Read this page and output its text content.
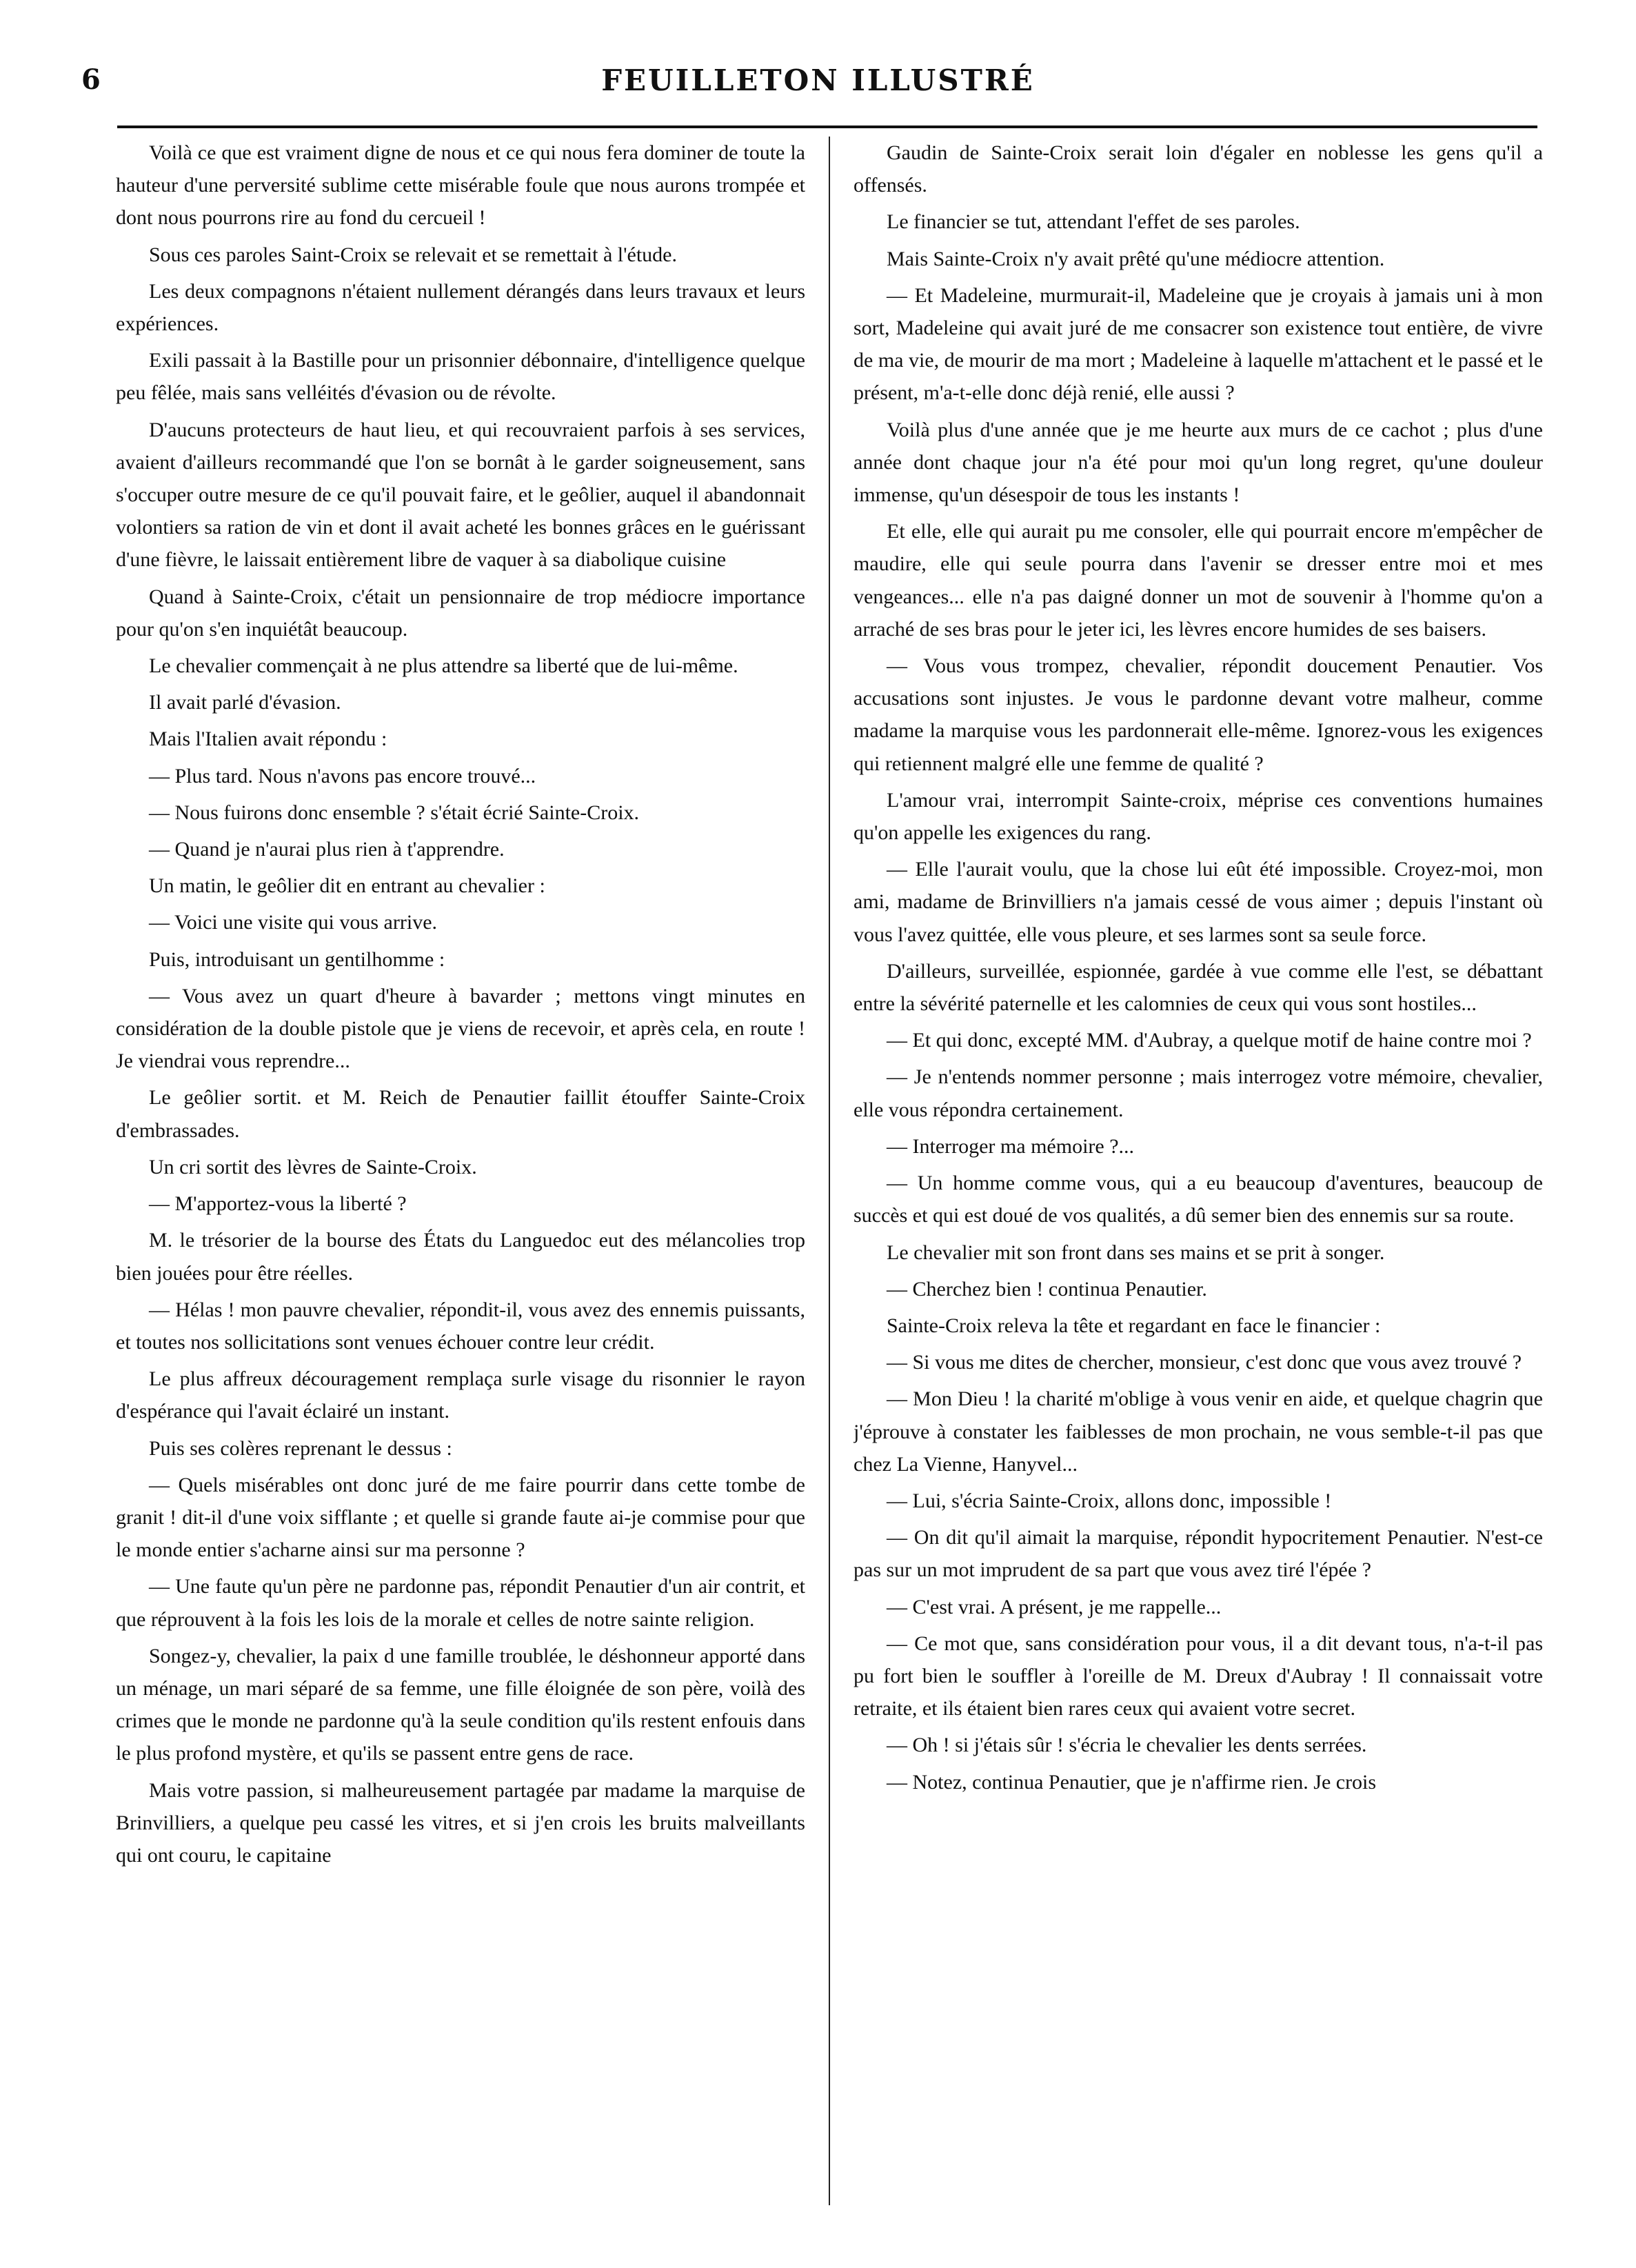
6	FEUILLETON ILLUSTRÉ

Voilà ce que est vraiment digne de nous et ce qui nous fera dominer de toute la hauteur d'une perversité sublime cette misérable foule que nous aurons trompée et dont nous pourrons rire au fond du cercueil !

Sous ces paroles Saint-Croix se relevait et se remettait à l'étude.

Les deux compagnons n'étaient nullement dérangés dans leurs travaux et leurs expériences.

Exili passait à la Bastille pour un prisonnier débonnaire, d'intelligence quelque peu fêlée, mais sans velléités d'évasion ou de révolte.

D'aucuns protecteurs de haut lieu, et qui recouvraient parfois à ses services, avaient d'ailleurs recommandé que l'on se bornât à le garder soigneusement, sans s'occuper outre mesure de ce qu'il pouvait faire, et le geôlier, auquel il abandonnait volontiers sa ration de vin et dont il avait acheté les bonnes grâces en le guérissant d'une fièvre, le laissait entièrement libre de vaquer à sa diabolique cuisine

Quand à Sainte-Croix, c'était un pensionnaire de trop médiocre importance pour qu'on s'en inquiétât beaucoup.

Le chevalier commençait à ne plus attendre sa liberté que de lui-même.

Il avait parlé d'évasion.

Mais l'Italien avait répondu :

— Plus tard. Nous n'avons pas encore trouvé...

— Nous fuirons donc ensemble ? s'était écrié Sainte-Croix.

— Quand je n'aurai plus rien à t'apprendre.

Un matin, le geôlier dit en entrant au chevalier :

— Voici une visite qui vous arrive.

Puis, introduisant un gentilhomme :

— Vous avez un quart d'heure à bavarder ; mettons vingt minutes en considération de la double pistole que je viens de recevoir, et après cela, en route ! Je viendrai vous reprendre...

Le geôlier sortit. et M. Reich de Penautier faillit étouffer Sainte-Croix d'embrassades.

Un cri sortit des lèvres de Sainte-Croix.

— M'apportez-vous la liberté ?

M. le trésorier de la bourse des États du Languedoc eut des mélancolies trop bien jouées pour être réelles.

— Hélas ! mon pauvre chevalier, répondit-il, vous avez des ennemis puissants, et toutes nos sollicitations sont venues échouer contre leur crédit.

Le plus affreux découragement remplaça surle visage du risonnier le rayon d'espérance qui l'avait éclairé un instant.

Puis ses colères reprenant le dessus :

— Quels misérables ont donc juré de me faire pourrir dans cette tombe de granit ! dit-il d'une voix sifflante ; et quelle si grande faute ai-je commise pour que le monde entier s'acharne ainsi sur ma personne ?

— Une faute qu'un père ne pardonne pas, répondit Penautier d'un air contrit, et que réprouvent à la fois les lois de la morale et celles de notre sainte religion.

Songez-y, chevalier, la paix d une famille troublée, le déshonneur apporté dans un ménage, un mari séparé de sa femme, une fille éloignée de son père, voilà des crimes que le monde ne pardonne qu'à la seule condition qu'ils restent enfouis dans le plus profond mystère, et qu'ils se passent entre gens de race.

Mais votre passion, si malheureusement partagée par madame la marquise de Brinvilliers, a quelque peu cassé les vitres, et si j'en crois les bruits malveillants qui ont couru, le capitaine

Gaudin de Sainte-Croix serait loin d'égaler en noblesse les gens qu'il a offensés.

Le financier se tut, attendant l'effet de ses paroles.

Mais Sainte-Croix n'y avait prêté qu'une médiocre attention.

— Et Madeleine, murmurait-il, Madeleine que je croyais à jamais uni à mon sort, Madeleine qui avait juré de me consacrer son existence tout entière, de vivre de ma vie, de mourir de ma mort ; Madeleine à laquelle m'attachent et le passé et le présent, m'a-t-elle donc déjà renié, elle aussi ?

Voilà plus d'une année que je me heurte aux murs de ce cachot ; plus d'une année dont chaque jour n'a été pour moi qu'un long regret, qu'une douleur immense, qu'un désespoir de tous les instants !

Et elle, elle qui aurait pu me consoler, elle qui pourrait encore m'empêcher de maudire, elle qui seule pourra dans l'avenir se dresser entre moi et mes vengeances... elle n'a pas daigné donner un mot de souvenir à l'homme qu'on a arraché de ses bras pour le jeter ici, les lèvres encore humides de ses baisers.

— Vous vous trompez, chevalier, répondit doucement Penautier. Vos accusations sont injustes. Je vous le pardonne devant votre malheur, comme madame la marquise vous les pardonnerait elle-même. Ignorez-vous les exigences qui retiennent malgré elle une femme de qualité ?

L'amour vrai, interrompit Sainte-croix, méprise ces conventions humaines qu'on appelle les exigences du rang.

— Elle l'aurait voulu, que la chose lui eût été impossible. Croyez-moi, mon ami, madame de Brinvilliers n'a jamais cessé de vous aimer ; depuis l'instant où vous l'avez quittée, elle vous pleure, et ses larmes sont sa seule force.

D'ailleurs, surveillée, espionnée, gardée à vue comme elle l'est, se débattant entre la sévérité paternelle et les calomnies de ceux qui vous sont hostiles...

— Et qui donc, excepté MM. d'Aubray, a quelque motif de haine contre moi ?

— Je n'entends nommer personne ; mais interrogez votre mémoire, chevalier, elle vous répondra certainement.

— Interroger ma mémoire ?...

— Un homme comme vous, qui a eu beaucoup d'aventures, beaucoup de succès et qui est doué de vos qualités, a dû semer bien des ennemis sur sa route.

Le chevalier mit son front dans ses mains et se prit à songer.

— Cherchez bien ! continua Penautier.

Sainte-Croix releva la tête et regardant en face le financier :

— Si vous me dites de chercher, monsieur, c'est donc que vous avez trouvé ?

— Mon Dieu ! la charité m'oblige à vous venir en aide, et quelque chagrin que j'éprouve à constater les faiblesses de mon prochain, ne vous semble-t-il pas que chez La Vienne, Hanyvel...

— Lui, s'écria Sainte-Croix, allons donc, impossible !

— On dit qu'il aimait la marquise, répondit hypocritement Penautier. N'est-ce pas sur un mot imprudent de sa part que vous avez tiré l'épée ?

— C'est vrai. A présent, je me rappelle...

— Ce mot que, sans considération pour vous, il a dit devant tous, n'a-t-il pas pu fort bien le souffler à l'oreille de M. Dreux d'Aubray ! Il connaissait votre retraite, et ils étaient bien rares ceux qui avaient votre secret.

— Oh ! si j'étais sûr ! s'écria le chevalier les dents serrées.

— Notez, continua Penautier, que je n'affirme rien. Je crois
